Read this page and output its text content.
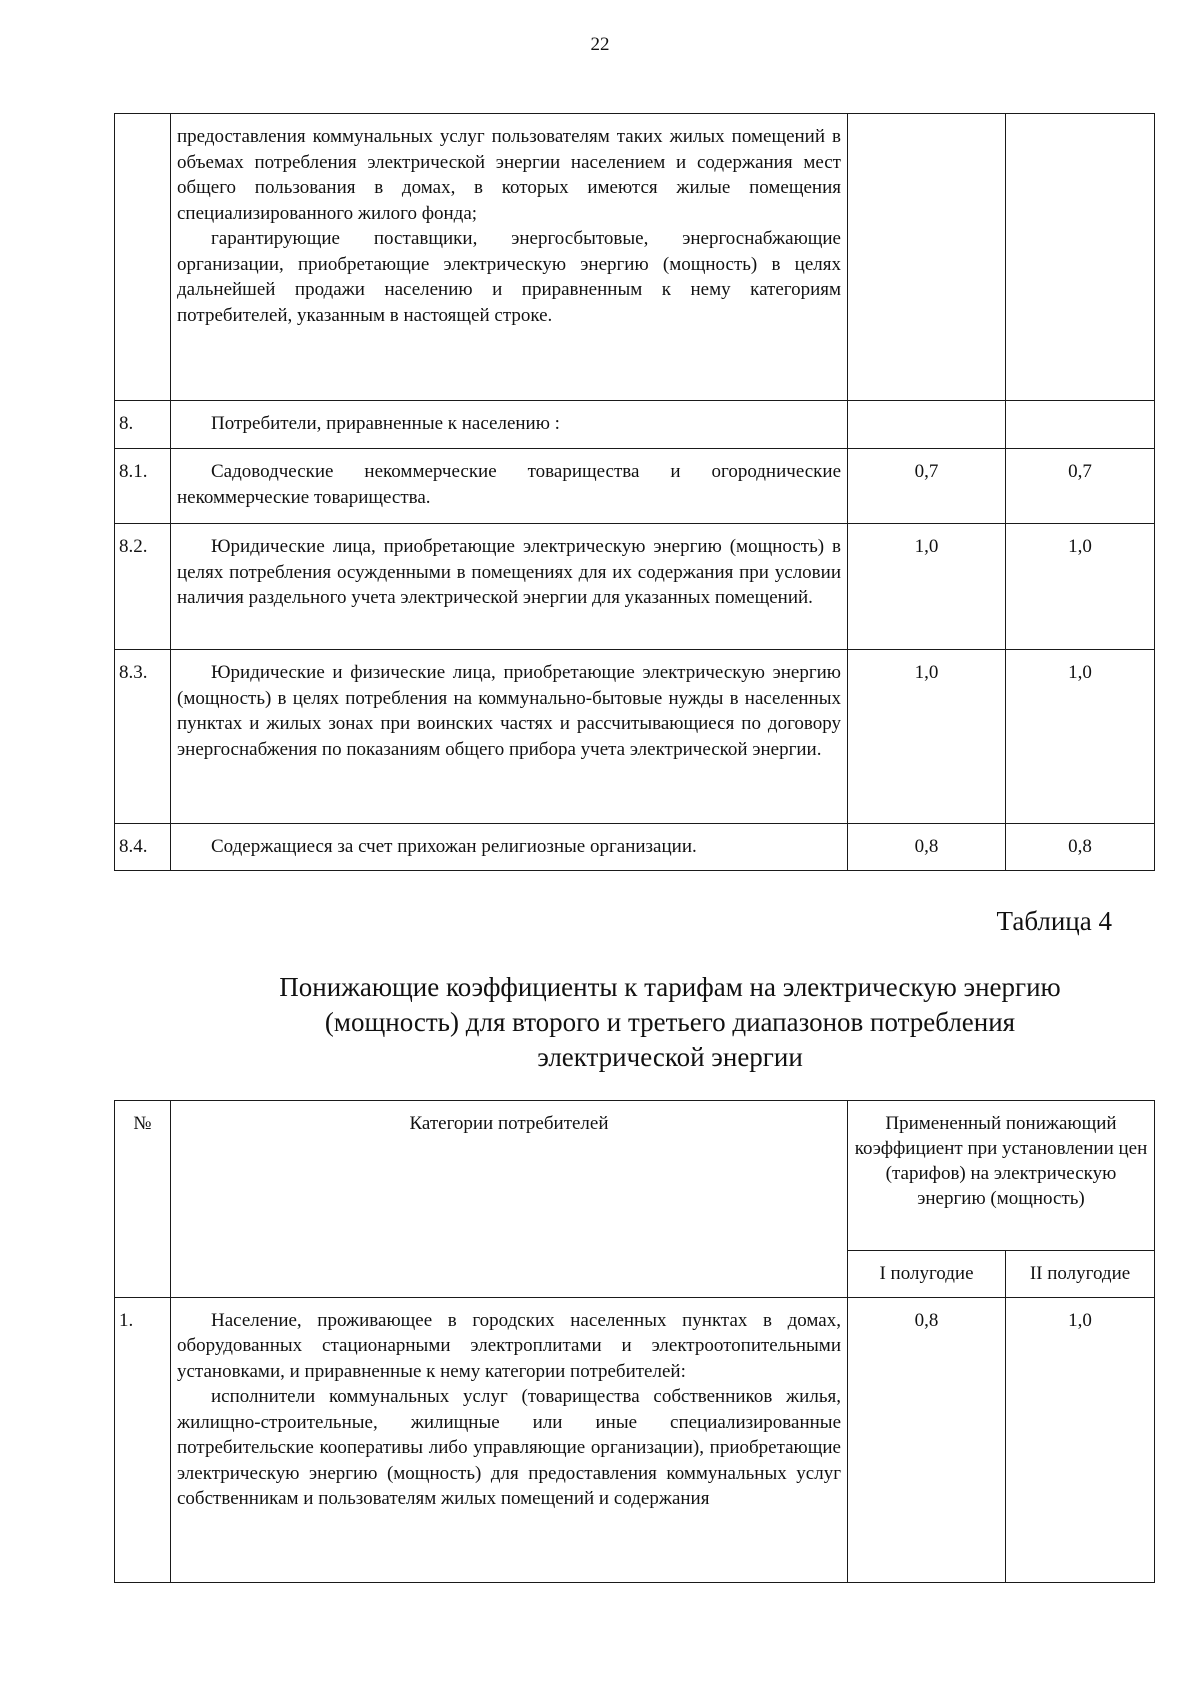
22

	предоставления коммунальных услуг пользователям таких жилых помещений в объемах потребления электрической энергии населением и содержания мест общего пользования в домах, в которых имеются жилые помещения специализированного жилого фонда;

гарантирующие поставщики, энергосбытовые, энергоснабжающие организации, приобретающие электрическую энергию (мощность) в целях дальнейшей продажи населению и приравненным к нему категориям потребителей, указанным в настоящей строке.		

8.	Потребители, приравненные к населению :		

8.1.	Садоводческие некоммерческие товарищества и огороднические некоммерческие товарищества.	0,7	0,7
8.2.	Юридические лица, приобретающие электрическую энергию (мощность) в целях потребления осужденными в помещениях для их содержания при условии наличия раздельного учета электрической энергии для указанных помещений.	1,0	1,0
8.3.	Юридические и физические лица, приобретающие электрическую энергию (мощность) в целях потребления на коммунально-бытовые нужды в населенных пунктах и жилых зонах при воинских частях и рассчитывающиеся по договору энергоснабжения по показаниям общего прибора учета электрической энергии.	1,0	1,0
8.4.	Содержащиеся за счет прихожан религиозные организации.	0,8	0,8
Таблица 4
Понижающие коэффициенты к тарифам на электрическую энергию
(мощность) для второго и третьего диапазонов потребления
электрической энергии
№	Категории потребителей	Примененный понижающий коэффициент при установлении цен (тарифов) на электрическую энергию (мощность)	
		I полугодие	II полугодие
1.	Население, проживающее в городских населенных пунктах в домах, оборудованных стационарными электроплитами и электроотопительными установками, и приравненные к нему категории потребителей:

исполнители коммунальных услуг (товарищества собственников жилья, жилищно-строительные, жилищные или иные специализированные потребительские кооперативы либо управляющие организации), приобретающие электрическую энергию (мощность) для предоставления коммунальных услуг собственникам и пользователям жилых помещений и содержания	0,8	1,0
